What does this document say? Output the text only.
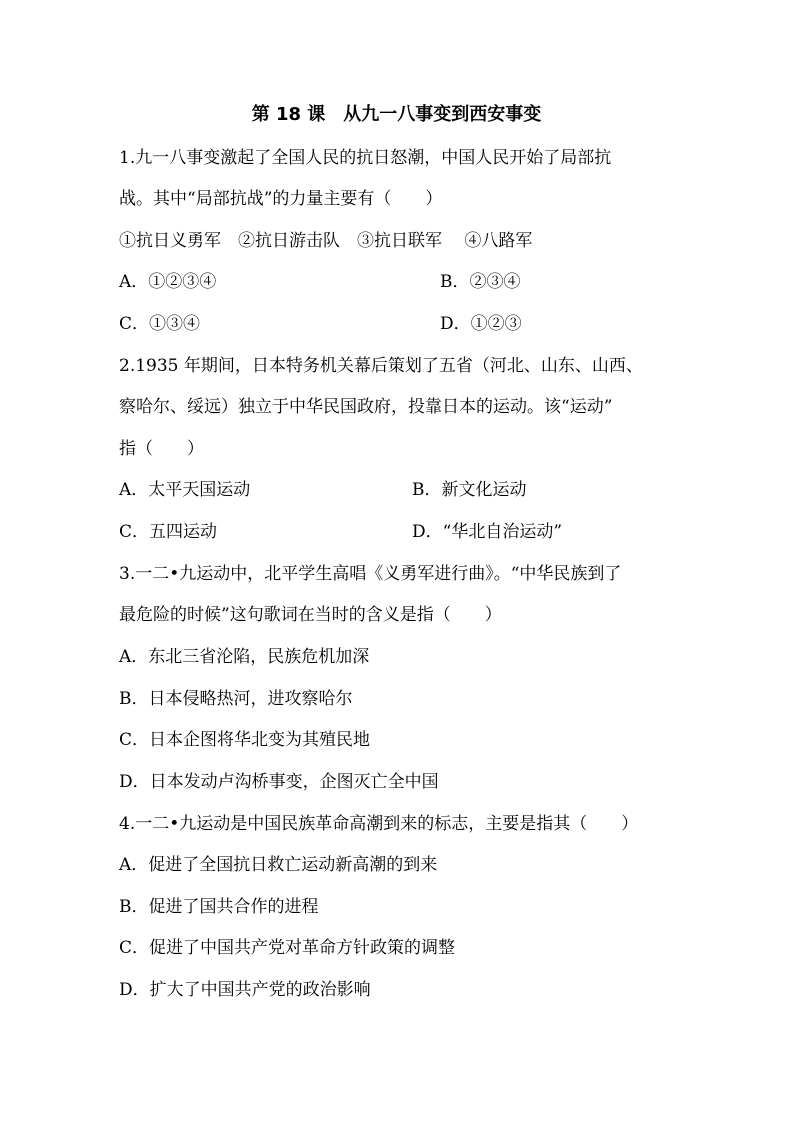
第 18 课　从九一八事变到西安事变
1.九一八事变激起了全国人民的抗日怒潮，中国人民开始了局部抗
战。其中“局部抗战”的力量主要有（　　）
①抗日义勇军　②抗日游击队　③抗日联军　 ④八路军
A．①②③④	B．②③④
C．①③④	D．①②③
2.1935 年期间，日本特务机关幕后策划了五省（河北、山东、山西、
察哈尔、绥远）独立于中华民国政府，投靠日本的运动。该“运动”
指（　　）
A．太平天国运动	B．新文化运动
C．五四运动	D．“华北自治运动”
3.一二•九运动中，北平学生高唱《义勇军进行曲》。“中华民族到了
最危险的时候”这句歌词在当时的含义是指（　　）
A．东北三省沦陷，民族危机加深
B．日本侵略热河，进攻察哈尔
C．日本企图将华北变为其殖民地
D．日本发动卢沟桥事变，企图灭亡全中国
4.一二•九运动是中国民族革命高潮到来的标志，主要是指其（　　）
A．促进了全国抗日救亡运动新高潮的到来
B．促进了国共合作的进程
C．促进了中国共产党对革命方针政策的调整
D．扩大了中国共产党的政治影响
